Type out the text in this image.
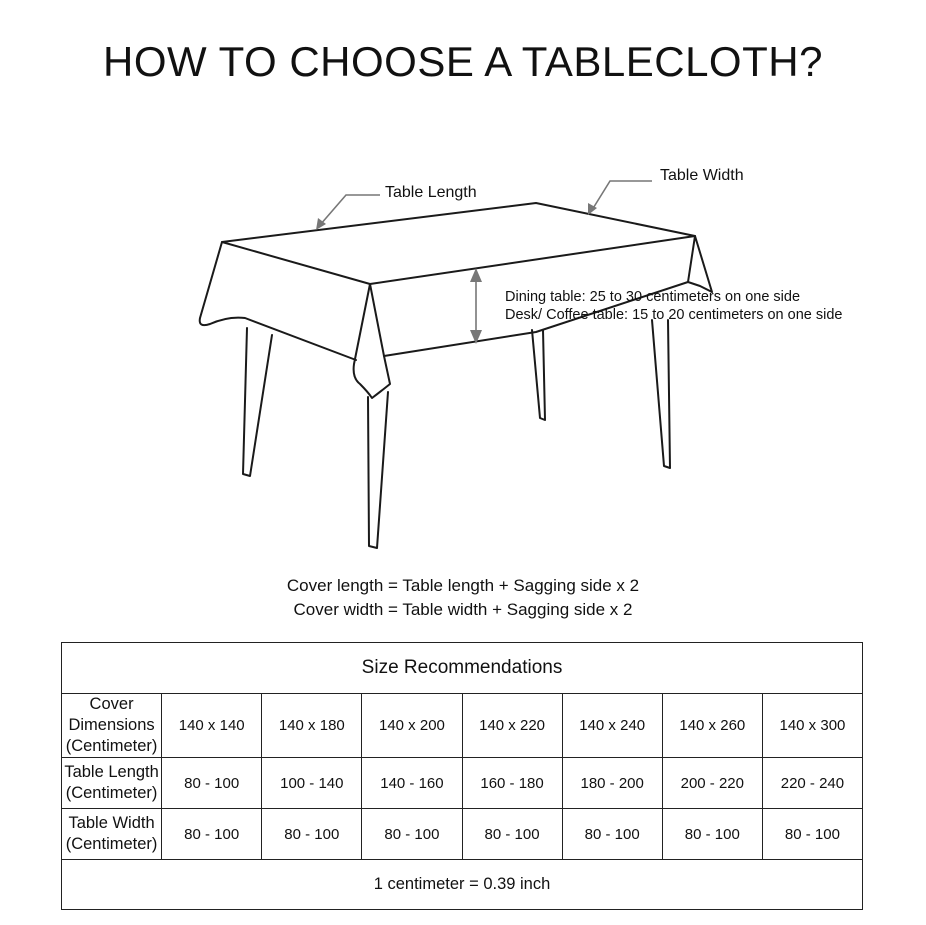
HOW TO CHOOSE A TABLECLOTH?
Table Length
Table Width
Dining table: 25 to 30 centimeters on one side
Desk/ Coffee table: 15 to 20 centimeters on one side
Cover length = Table length + Sagging side x 2
Cover width = Table width + Sagging side x 2
Size Recommendations							

Cover Dimensions
(Centimeter)	140 x 140	140 x 180	140 x 200	140 x 220	140 x 240	140 x 260	140 x 300

Table Length
(Centimeter)	80 - 100	100 - 140	140 - 160	160 - 180	180 - 200	200 - 220	220 - 240

Table Width
(Centimeter)	80 - 100	80 - 100	80 - 100	80 - 100	80 - 100	80 - 100	80 - 100
1 centimeter = 0.39 inch							
